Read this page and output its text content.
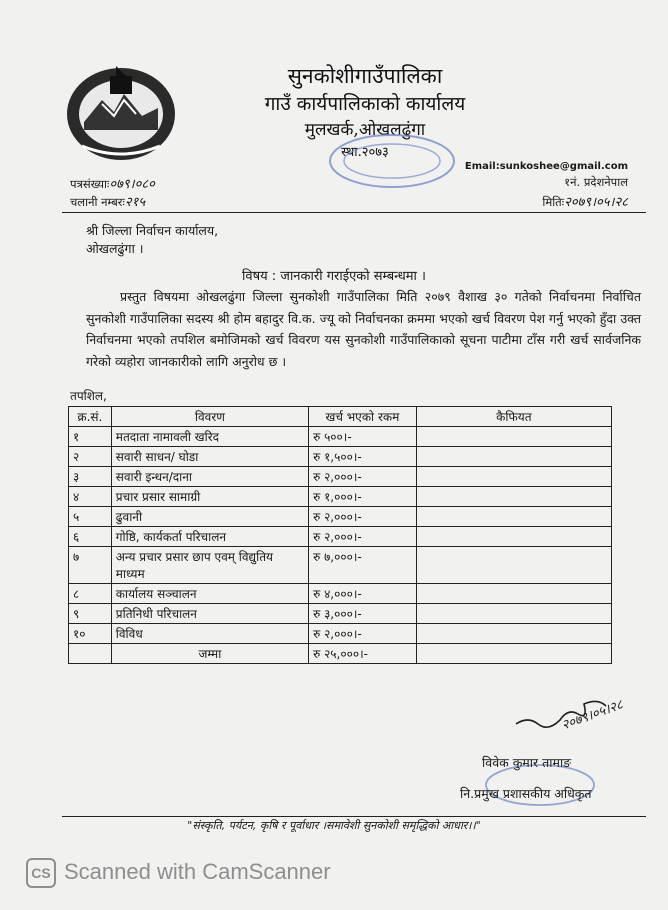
सुनकोशीगाउँपालिका
गाउँ कार्यपालिकाको कार्यालय
मुलखर्क,ओखलढुंगा
स्था.२०७३
पत्रसंख्याः०७९।०८०
चलानी नम्बरः२१५
Email:sunkoshee@gmail.com
१नं. प्रदेशनेपाल
मितिः२०७९।०५।२८
श्री जिल्ला निर्वाचन कार्यालय,
ओखलढुंगा ।
विषय : जानकारी गराईएको सम्बन्धमा ।
प्रस्तुत विषयमा ओखलढुंगा जिल्ला सुनकोशी गाउँपालिका मिति २०७९ वैशाख ३० गतेको निर्वाचनमा निर्वाचित सुनकोशी गाउँपालिका सदस्य श्री होम बहादुर वि.क. ज्यू को निर्वाचनका क्रममा भएको खर्च विवरण पेश गर्नु भएको हुँदा उक्त निर्वाचनमा भएको तपशिल बमोजिमको खर्च विवरण यस सुनकोशी गाउँपालिकाको सूचना पाटीमा टाँस गरी खर्च सार्वजनिक गरेको व्यहोरा जानकारीको लागि अनुरोध छ ।
तपशिल,
क्र.सं.	विवरण	खर्च भएको रकम	कैफियत
१	मतदाता नामावली खरिद	रु ५००।-	
२	सवारी साधन/ घोडा	रु १,५००।-	
३	सवारी इन्धन/दाना	रु २,०००।-	
४	प्रचार प्रसार सामाग्री	रु १,०००।-	
५	ढुवानी	रु २,०००।-	
६	गोष्ठि, कार्यकर्ता परिचालन	रु २,०००।-	
७	अन्य प्रचार प्रसार छाप एवम् विद्युतिय माध्यम	रु ७,०००।-	
८	कार्यालय सञ्चालन	रु ४,०००।-	
९	प्रतिनिधी परिचालन	रु ३,०००।-	
१०	विविध	रु २,०००।-	
	जम्मा	रु २५,०००।-	
२०७९।०५।२८
विवेक कुमार तामाङ
नि.प्रमुख प्रशासकीय अधिकृत
"संस्कृति, पर्यटन, कृषि र पूर्वाधार ।समावेशी सुनकोशी समृद्धिको आधार।।"
CS Scanned with CamScanner
